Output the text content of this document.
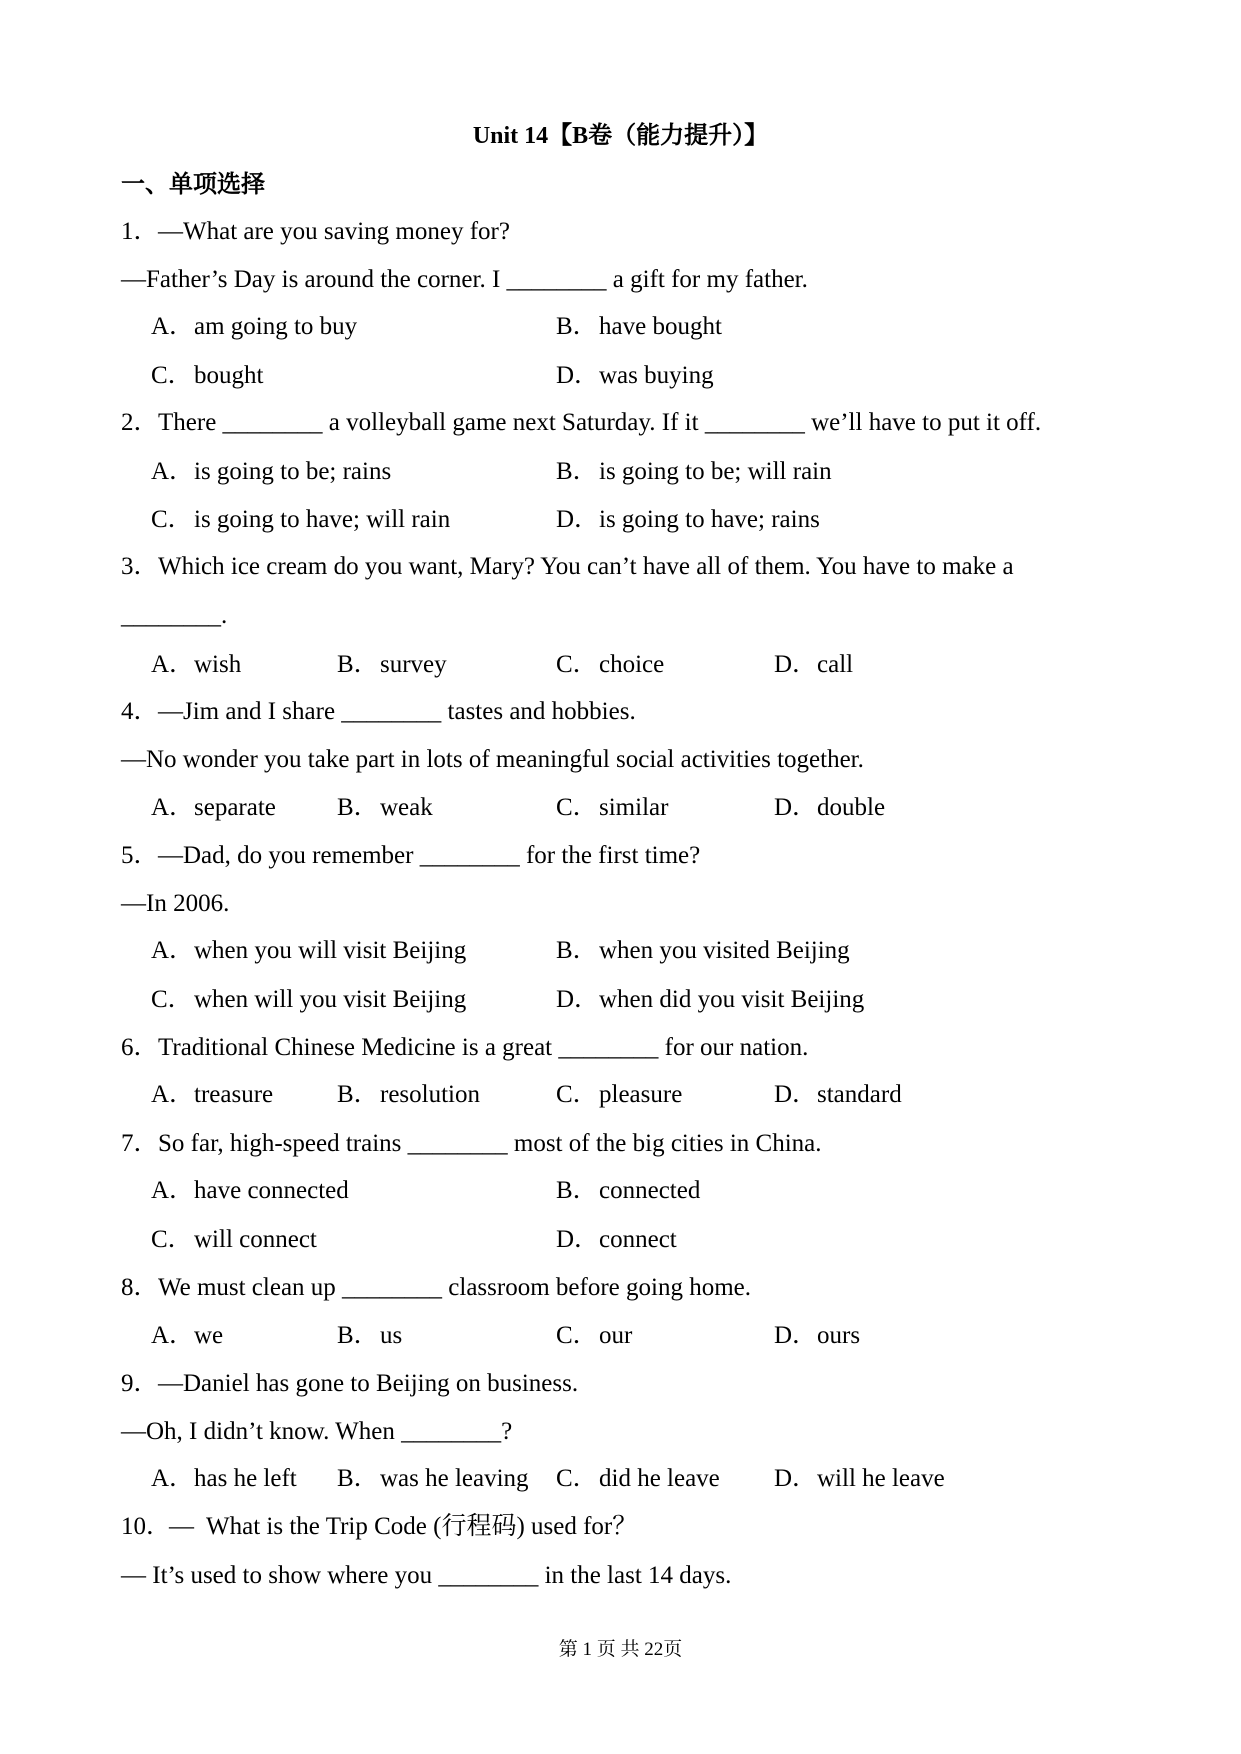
Unit 14【B卷（能力提升）】
一、单项选择
1．—What are you saving money for?
—Father’s Day is around the corner. I ________ a gift for my father.
A．am going to buy	B．have bought
C．bought	D．was buying
2．There ________ a volleyball game next Saturday. If it ________ we’ll have to put it off.
A．is going to be; rains	B．is going to be; will rain
C．is going to have; will rain	D．is going to have; rains
3．Which ice cream do you want, Mary? You can’t have all of them. You have to make a
________.
A．wish	B．survey	C．choice	D．call
4．—Jim and I share ________ tastes and hobbies.
—No wonder you take part in lots of meaningful social activities together.
A．separate B．weak	C．similar	D．double
5．—Dad, do you remember ________ for the first time?
—In 2006.
A．when you will visit Beijing	B．when you visited Beijing
C．when will you visit Beijing	D．when did you visit Beijing
6．Traditional Chinese Medicine is a great ________ for our nation.
A．treasure	B．resolution	C．pleasure	D．standard
7．So far, high-speed trains ________ most of the big cities in China.
A．have connected	B．connected
C．will connect	D．connect
8．We must clean up ________ classroom before going home.
A．we	B．us	C．our	D．ours
9．—Daniel has gone to Beijing on business.
—Oh, I didn’t know. When ________?
A．has he left B．was he leaving C．did he leave D．will he leave
10．—  What is the Trip Code (行程码) used for？
— It’s used to show where you ________ in the last 14 days.
第 1 页 共 22页
